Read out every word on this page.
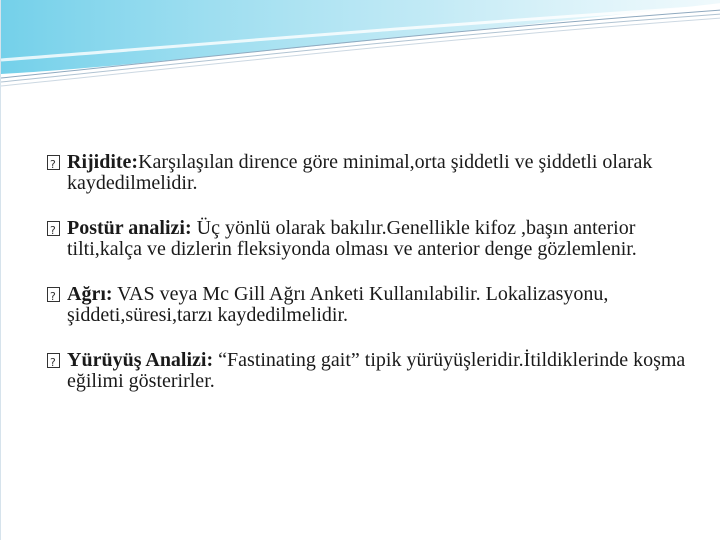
?
Rijidite:Karşılaşılan dirence göre minimal,orta şiddetli ve şiddetli olarak kaydedilmelidir.
?
Postür analizi: Üç yönlü olarak bakılır.Genellikle kifoz ,başın anterior tilti,kalça ve dizlerin fleksiyonda olması ve anterior denge gözlemlenir.
?
Ağrı: VAS veya Mc Gill Ağrı Anketi Kullanılabilir. Lokalizasyonu, şiddeti,süresi,tarzı kaydedilmelidir.
?
Yürüyüş Analizi: “Fastinating gait” tipik yürüyüşleridir.İtildiklerinde koşma eğilimi gösterirler.
